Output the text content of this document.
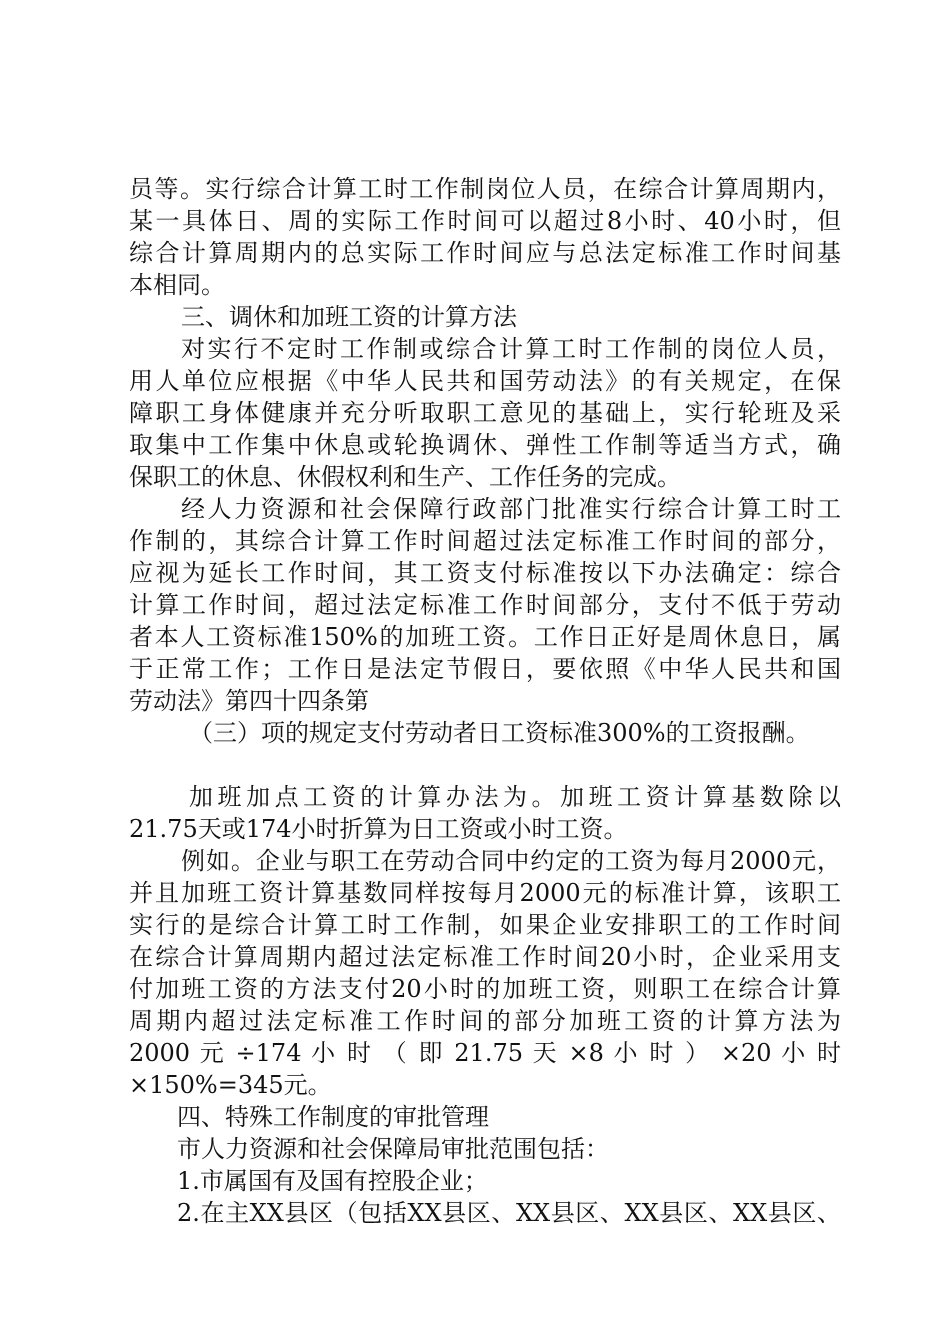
员等。实行综合计算工时工作制岗位人员，在综合计算周期内，
某一具体日、周的实际工作时间可以超过8小时、40小时，但
综合计算周期内的总实际工作时间应与总法定标准工作时间基
本相同。
三、调休和加班工资的计算方法
对实行不定时工作制或综合计算工时工作制的岗位人员，
用人单位应根据《中华人民共和国劳动法》的有关规定，在保
障职工身体健康并充分听取职工意见的基础上，实行轮班及采
取集中工作集中休息或轮换调休、弹性工作制等适当方式，确
保职工的休息、休假权利和生产、工作任务的完成。
经人力资源和社会保障行政部门批准实行综合计算工时工
作制的，其综合计算工作时间超过法定标准工作时间的部分，
应视为延长工作时间，其工资支付标准按以下办法确定：综合
计算工作时间，超过法定标准工作时间部分，支付不低于劳动
者本人工资标准150%的加班工资。工作日正好是周休息日，属
于正常工作；工作日是法定节假日，要依照《中华人民共和国
劳动法》第四十四条第
（三）项的规定支付劳动者日工资标准300%的工资报酬。
加班加点工资的计算办法为。加班工资计算基数除以
21.75天或174小时折算为日工资或小时工资。
例如。企业与职工在劳动合同中约定的工资为每月2000元，
并且加班工资计算基数同样按每月2000元的标准计算，该职工
实行的是综合计算工时工作制，如果企业安排职工的工作时间
在综合计算周期内超过法定标准工作时间20小时，企业采用支
付加班工资的方法支付20小时的加班工资，则职工在综合计算
周期内超过法定标准工作时间的部分加班工资的计算方法为
2000 元 ÷174 小 时 （ 即 21.75 天 ×8 小 时 ） ×20 小 时
×150%=345元。
四、特殊工作制度的审批管理
市人力资源和社会保障局审批范围包括：
1.市属国有及国有控股企业；
2.在主XX县区（包括XX县区、XX县区、XX县区、XX县区、
